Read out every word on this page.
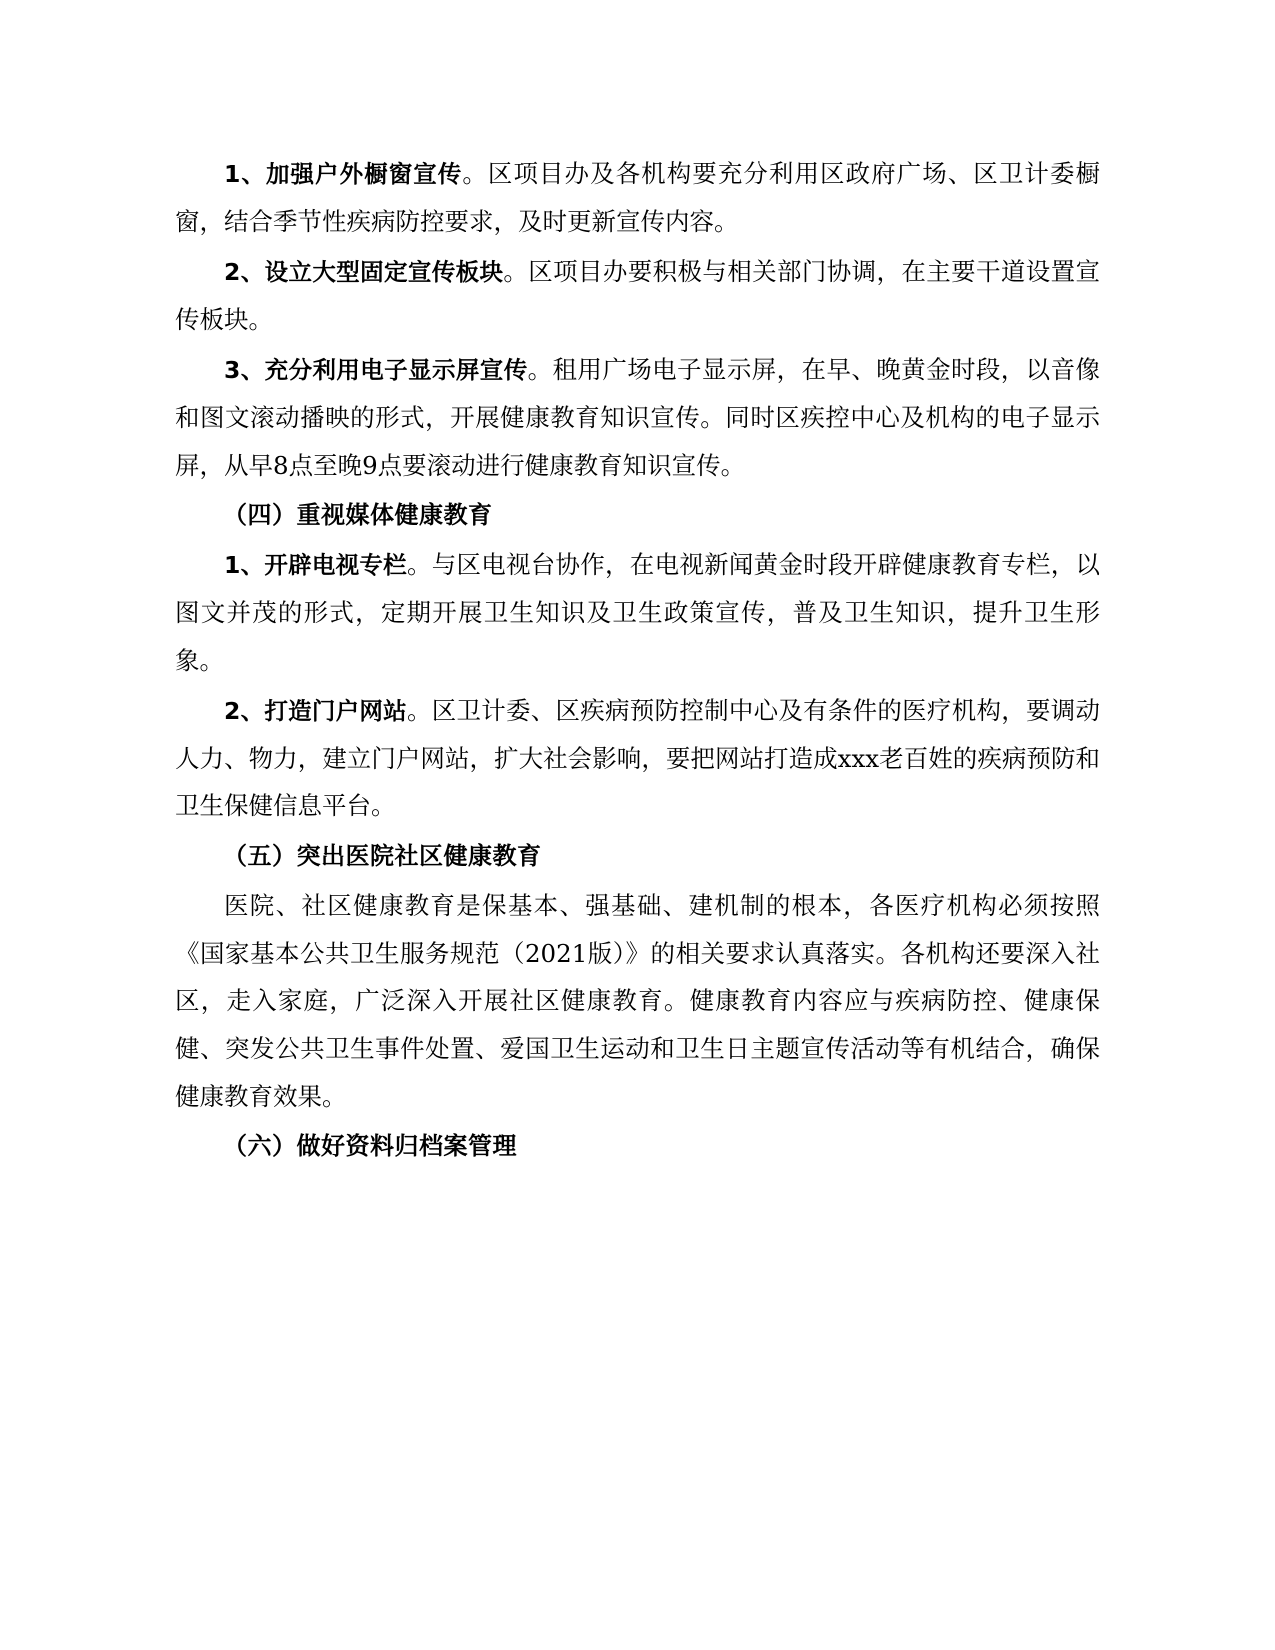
1、加强户外橱窗宣传。区项目办及各机构要充分利用区政府广场、区卫计委橱窗，结合季节性疾病防控要求，及时更新宣传内容。

2、设立大型固定宣传板块。区项目办要积极与相关部门协调，在主要干道设置宣传板块。

3、充分利用电子显示屏宣传。租用广场电子显示屏，在早、晚黄金时段，以音像和图文滚动播映的形式，开展健康教育知识宣传。同时区疾控中心及机构的电子显示屏，从早8点至晚9点要滚动进行健康教育知识宣传。

（四）重视媒体健康教育

1、开辟电视专栏。与区电视台协作，在电视新闻黄金时段开辟健康教育专栏，以图文并茂的形式，定期开展卫生知识及卫生政策宣传，普及卫生知识，提升卫生形象。

2、打造门户网站。区卫计委、区疾病预防控制中心及有条件的医疗机构，要调动人力、物力，建立门户网站，扩大社会影响，要把网站打造成xxx老百姓的疾病预防和卫生保健信息平台。

（五）突出医院社区健康教育

医院、社区健康教育是保基本、强基础、建机制的根本，各医疗机构必须按照《国家基本公共卫生服务规范（2021版）》的相关要求认真落实。各机构还要深入社区，走入家庭，广泛深入开展社区健康教育。健康教育内容应与疾病防控、健康保健、突发公共卫生事件处置、爱国卫生运动和卫生日主题宣传活动等有机结合，确保健康教育效果。

（六）做好资料归档案管理
